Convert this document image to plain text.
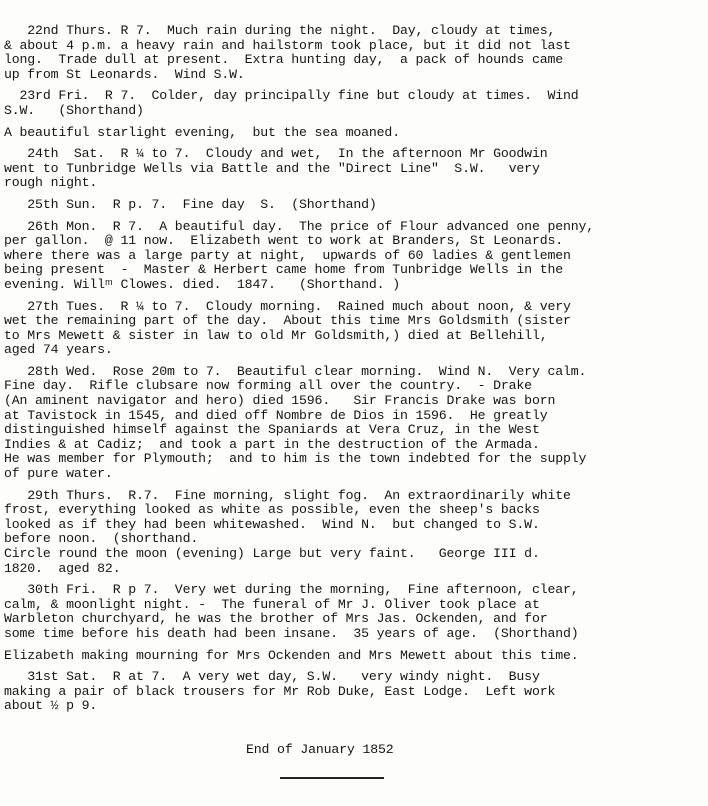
22nd Thurs. R 7.  Much rain during the night.  Day, cloudy at times,
& about 4 p.m. a heavy rain and hailstorm took place, but it did not last
long.  Trade dull at present.  Extra hunting day,  a pack of hounds came
up from St Leonards.  Wind S.W.
23rd Fri.  R 7.  Colder, day principally fine but cloudy at times.  Wind
S.W.   (Shorthand)
A beautiful starlight evening,  but the sea moaned.
24th  Sat.  R ¼ to 7.  Cloudy and wet,  In the afternoon Mr Goodwin
went to Tunbridge Wells via Battle and the "Direct Line"  S.W.   very
rough night.
25th Sun.  R p. 7.  Fine day  S.  (Shorthand)
26th Mon.  R 7.  A beautiful day.  The price of Flour advanced one penny,
per gallon.  @ 11 now.  Elizabeth went to work at Branders, St Leonards.
where there was a large party at night,  upwards of 60 ladies & gentlemen
being present  -  Master & Herbert came home from Tunbridge Wells in the
evening. Willᵐ Clowes. died.  1847.   (Shorthand. )
27th Tues.  R ¼ to 7.  Cloudy morning.  Rained much about noon, & very
wet the remaining part of the day.  About this time Mrs Goldsmith (sister
to Mrs Mewett & sister in law to old Mr Goldsmith,) died at Bellehill,
aged 74 years.
28th Wed.  Rose 20m to 7.  Beautiful clear morning.  Wind N.  Very calm.
Fine day.  Rifle clubsare now forming all over the country.  - Drake
(An aminent navigator and hero) died 1596.   Sir Francis Drake was born
at Tavistock in 1545, and died off Nombre de Dios in 1596.  He greatly
distinguished himself against the Spaniards at Vera Cruz, in the West
Indies & at Cadiz;  and took a part in the destruction of the Armada.
He was member for Plymouth;  and to him is the town indebted for the supply
of pure water.
29th Thurs.  R.7.  Fine morning, slight fog.  An extraordinarily white
frost, everything looked as white as possible, even the sheep's backs
looked as if they had been whitewashed.  Wind N.  but changed to S.W.
before noon.  (shorthand.
Circle round the moon (evening) Large but very faint.   George III d.
1820.  aged 82.
30th Fri.  R p 7.  Very wet during the morning,  Fine afternoon, clear,
calm, & moonlight night. -  The funeral of Mr J. Oliver took place at
Warbleton churchyard, he was the brother of Mrs Jas. Ockenden, and for
some time before his death had been insane.  35 years of age.  (Shorthand)
Elizabeth making mourning for Mrs Ockenden and Mrs Mewett about this time.
31st Sat.  R at 7.  A very wet day, S.W.   very windy night.  Busy
making a pair of black trousers for Mr Rob Duke, East Lodge.  Left work
about ½ p 9.
End of January 1852
